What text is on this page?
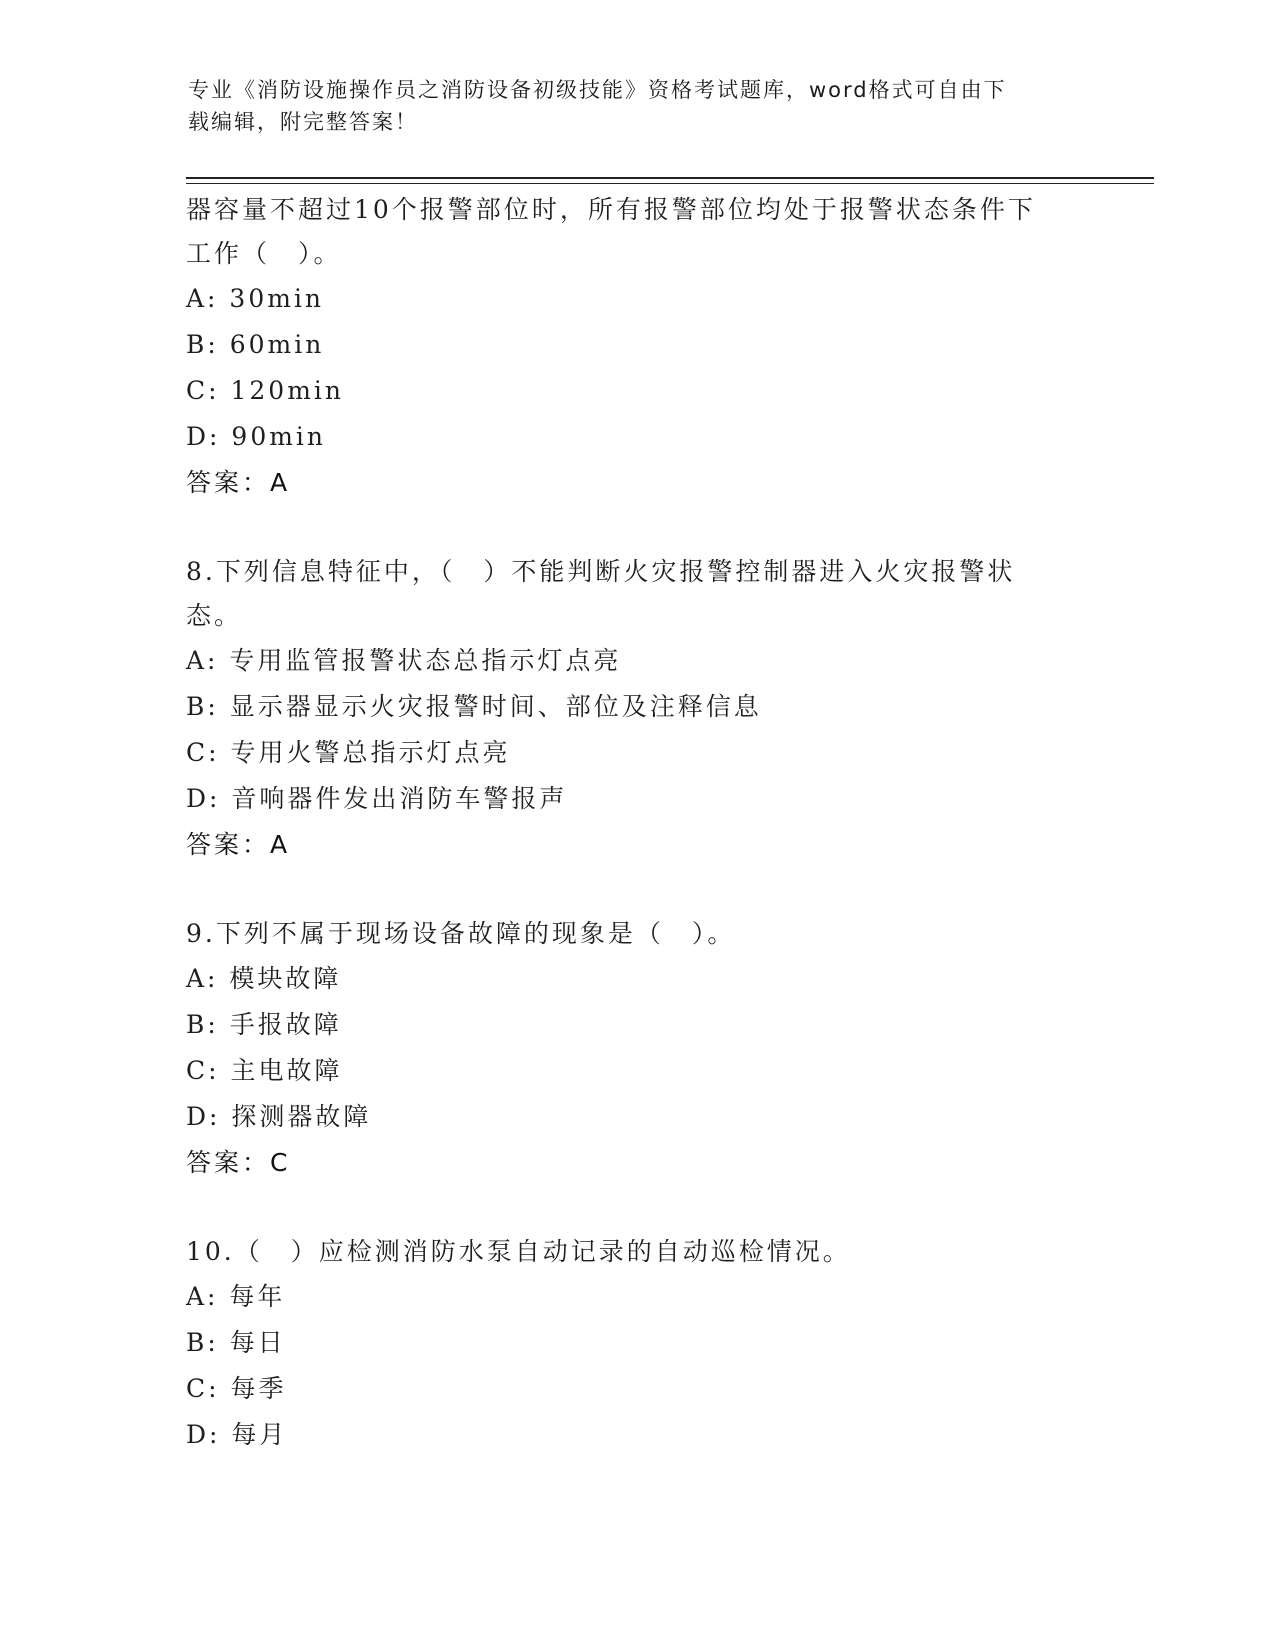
专业《消防设施操作员之消防设备初级技能》资格考试题库，word格式可自由下
载编辑，附完整答案！
器容量不超过10个报警部位时，所有报警部位均处于报警状态条件下
工作（　）。
A: 30min
B: 60min
C: 120min
D: 90min
答案：A
8.下列信息特征中，（　）不能判断火灾报警控制器进入火灾报警状
态。
A: 专用监管报警状态总指示灯点亮
B: 显示器显示火灾报警时间、部位及注释信息
C: 专用火警总指示灯点亮
D: 音响器件发出消防车警报声
答案：A
9.下列不属于现场设备故障的现象是（　）。
A: 模块故障
B: 手报故障
C: 主电故障
D: 探测器故障
答案：C
10.（　）应检测消防水泵自动记录的自动巡检情况。
A: 每年
B: 每日
C: 每季
D: 每月
